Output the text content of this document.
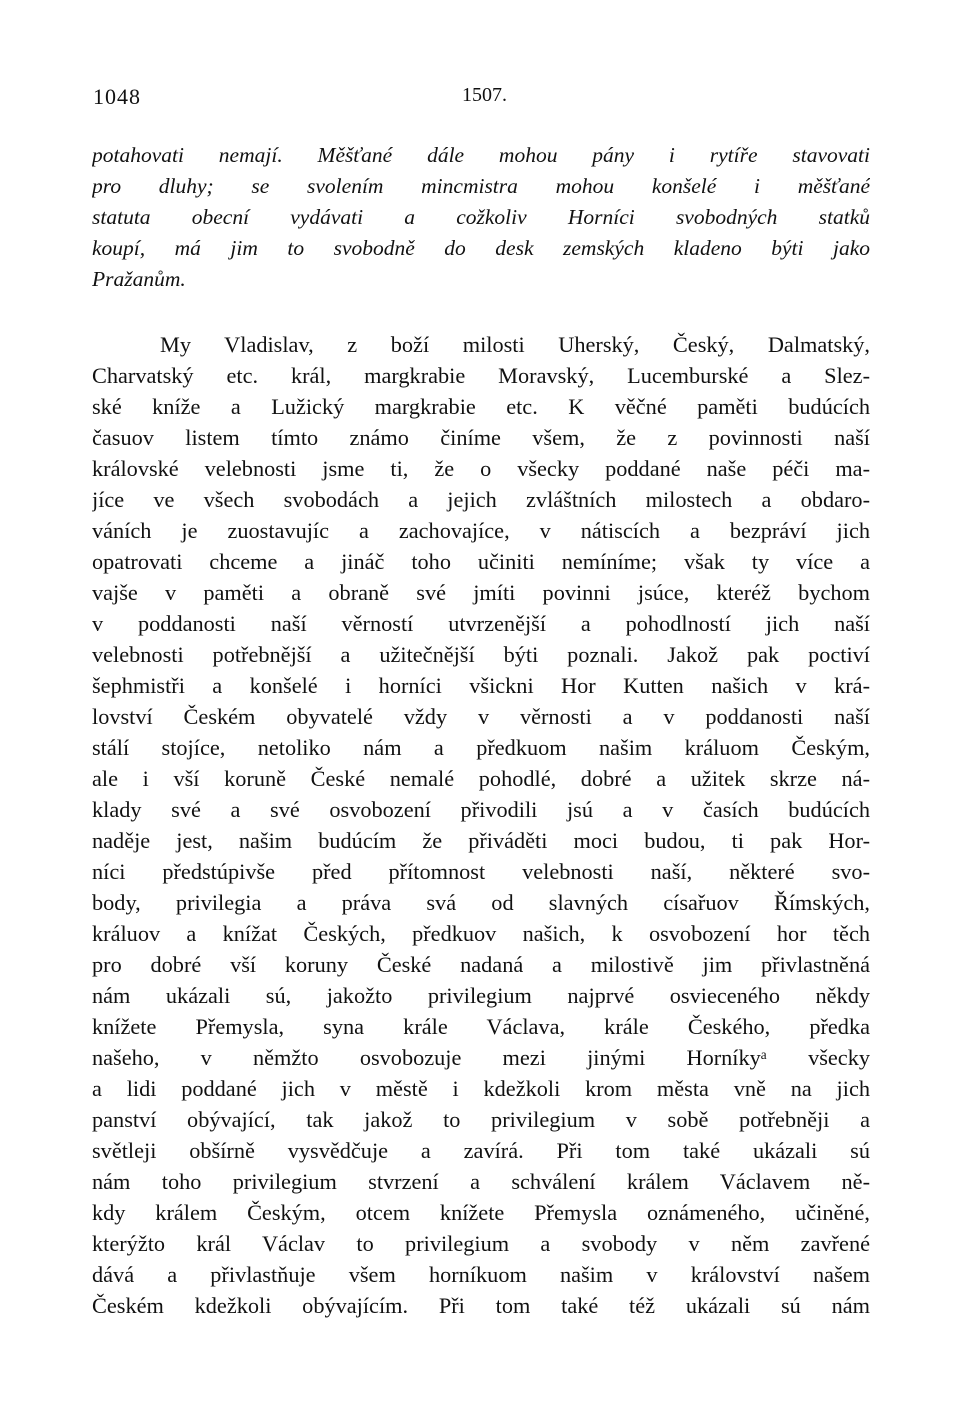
1048	1507.
potahovati nemají. Měšťané dále mohou pány i rytíře stavovati
pro dluhy; se svolením mincmistra mohou konšelé i měšťané
statuta obecní vydávati a cožkoliv Horníci svobodných statků
koupí, má jim to svobodně do desk zemských kladeno býti jako
Pražanům.
My Vladislav, z boží milosti Uherský, Český, Dalmatský,
Charvatský etc. král, margkrabie Moravský, Lucemburské a Slez-
ské kníže a Lužický margkrabie etc. K věčné paměti budúcích
časuov listem tímto známo činíme všem, že z povinnosti naší
královské velebnosti jsme ti, že o všecky poddané naše péči ma-
jíce ve všech svobodách a jejich zvláštních milostech a obdaro-
váních je zuostavujíc a zachovajíce, v nátiscích a bezpráví jich
opatrovati chceme a jináč toho učiniti nemíníme; však ty více a
vajše v paměti a obraně své jmíti povinni jsúce, kteréž bychom
v poddanosti naší věrností utvrzenější a pohodlností jich naší
velebnosti potřebnější a užitečnější býti poznali. Jakož pak poctiví
šephmistři a konšelé i horníci všickni Hor Kutten našich v krá-
lovství Českém obyvatelé vždy v věrnosti a v poddanosti naší
stálí stojíce, netoliko nám a předkuom našim králuom Českým,
ale i vší koruně České nemalé pohodlé, dobré a užitek skrze ná-
klady své a své osvobození přivodili jsú a v časích budúcích
naděje jest, našim budúcím že přiváděti moci budou, ti pak Hor-
níci předstúpivše před přítomnost velebnosti naší, některé svo-
body, privilegia a práva svá od slavných císařuov Římských,
králuov a knížat Českých, předkuov našich, k osvobození hor těch
pro dobré vší koruny České nadaná a milostivě jim přivlastněná
nám ukázali sú, jakožto privilegium najprvé osvieceného někdy
knížete Přemysla, syna krále Václava, krále Českého, předka
našeho, v němžto osvobozuje mezi jinými Horníkyᵃ všecky
a lidi poddané jich v městě i kdežkoli krom města vně na jich
panství obývající, tak jakož to privilegium v sobě potřebněji a
světleji obšírně vysvědčuje a zavírá. Při tom také ukázali sú
nám toho privilegium stvrzení a schválení králem Václavem ně-
kdy králem Českým, otcem knížete Přemysla oznámeného, učiněné,
kterýžto král Václav to privilegium a svobody v něm zavřené
dává a přivlastňuje všem horníkuom našim v království našem
Českém kdežkoli obývajícím. Při tom také též ukázali sú nám
